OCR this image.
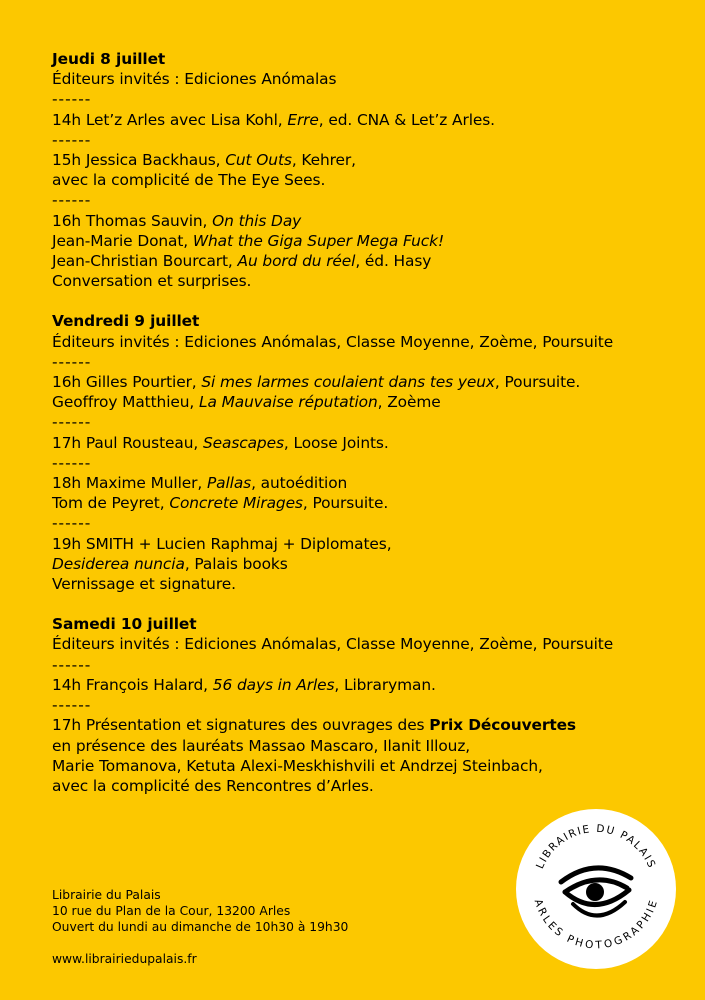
Jeudi 8 juillet
Éditeurs invités : Ediciones Anómalas
------
14h Let’z Arles avec Lisa Kohl, Erre, ed. CNA & Let’z Arles.
------
15h Jessica Backhaus, Cut Outs, Kehrer,
avec la complicité de The Eye Sees.
------
16h Thomas Sauvin, On this Day
Jean-Marie Donat, What the Giga Super Mega Fuck!
Jean-Christian Bourcart, Au bord du réel, éd. Hasy
Conversation et surprises.
Vendredi 9 juillet
Éditeurs invités : Ediciones Anómalas, Classe Moyenne, Zoème, Poursuite
------
16h Gilles Pourtier, Si mes larmes coulaient dans tes yeux, Poursuite.
Geoffroy Matthieu, La Mauvaise réputation, Zoème
------
17h Paul Rousteau, Seascapes, Loose Joints.
------
18h Maxime Muller, Pallas, autoédition
Tom de Peyret, Concrete Mirages, Poursuite.
------
19h SMITH + Lucien Raphmaj + Diplomates,
Desiderea nuncia, Palais books
Vernissage et signature.
Samedi 10 juillet
Éditeurs invités : Ediciones Anómalas, Classe Moyenne, Zoème, Poursuite
------
14h François Halard, 56 days in Arles, Libraryman.
------
17h Présentation et signatures des ouvrages des Prix Découvertes
en présence des lauréats Massao Mascaro, Ilanit Illouz,
Marie Tomanova, Ketuta Alexi-Meskhishvili et Andrzej Steinbach,
avec la complicité des Rencontres d’Arles.
Librairie du Palais
10 rue du Plan de la Cour, 13200 Arles
Ouvert du lundi au dimanche de 10h30 à 19h30
www.librairiedupalais.fr
LIBRAIRIE DU PALAIS
ARLES PHOTOGRAPHIE
